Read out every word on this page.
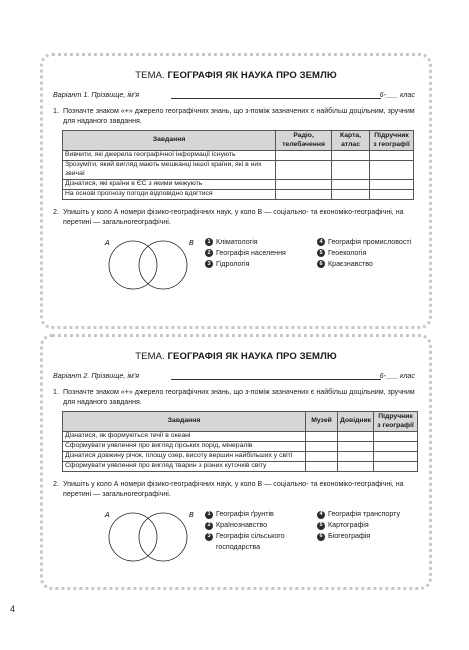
ТЕМА. ГЕОГРАФІЯ ЯК НАУКА ПРО ЗЕМЛЮ
Варіант 1. Прізвище, ім'я	6-___ клас
1. Позначте знаком «+» джерело географічних знань, що з-поміж зазначених є найбільш доцільним, зручним для наданого завдання.
Завдання	Радіо, телебачення	Карта, атлас	Підручник з географії
Вивчити, які джерела географічної інформації існують			
Зрозуміти, який вигляд мають мешканці іншої країни, які в них звичаї			
Дізнатися, які країни в ЄС з якими межують			
На основі прогнозу погоди відповідно вдягтися			
2. Упишіть у коло А номери фізико-географічних наук, у коло В — соціально- та економіко-географічні, на перетині — загальногеографічні.
А	В	1 Кліматологія
2 Географія населення
3 Гідрологія
4 Географія промисловості
5 Геоекологія
6 Краєзнавство
ТЕМА. ГЕОГРАФІЯ ЯК НАУКА ПРО ЗЕМЛЮ
Варіант 2. Прізвище, ім'я	6-___ клас
1. Позначте знаком «+» джерело географічних знань, що з-поміж зазначених є найбільш доцільним, зручним для наданого завдання.
Завдання	Музей	Довідник	Підручник з географії
Дізнатися, як формуються течії в океані			
Сформувати уявлення про вигляд гірських порід, мінералів			
Дізнатися довжину річок, площу озер, висоту вершин найбільших у світі			
Сформувати уявлення про вигляд тварин з різних куточків світу			
2. Упишіть у коло А номери фізико-географічних наук, у коло В — соціально- та економіко-географічні, на перетині — загальногеографічні.
А	В	1 Географія ґрунтів
2 Країнознавство
3 Географія сільського господарства
4 Географія транспорту
5 Картографія
6 Біогеографія
4
